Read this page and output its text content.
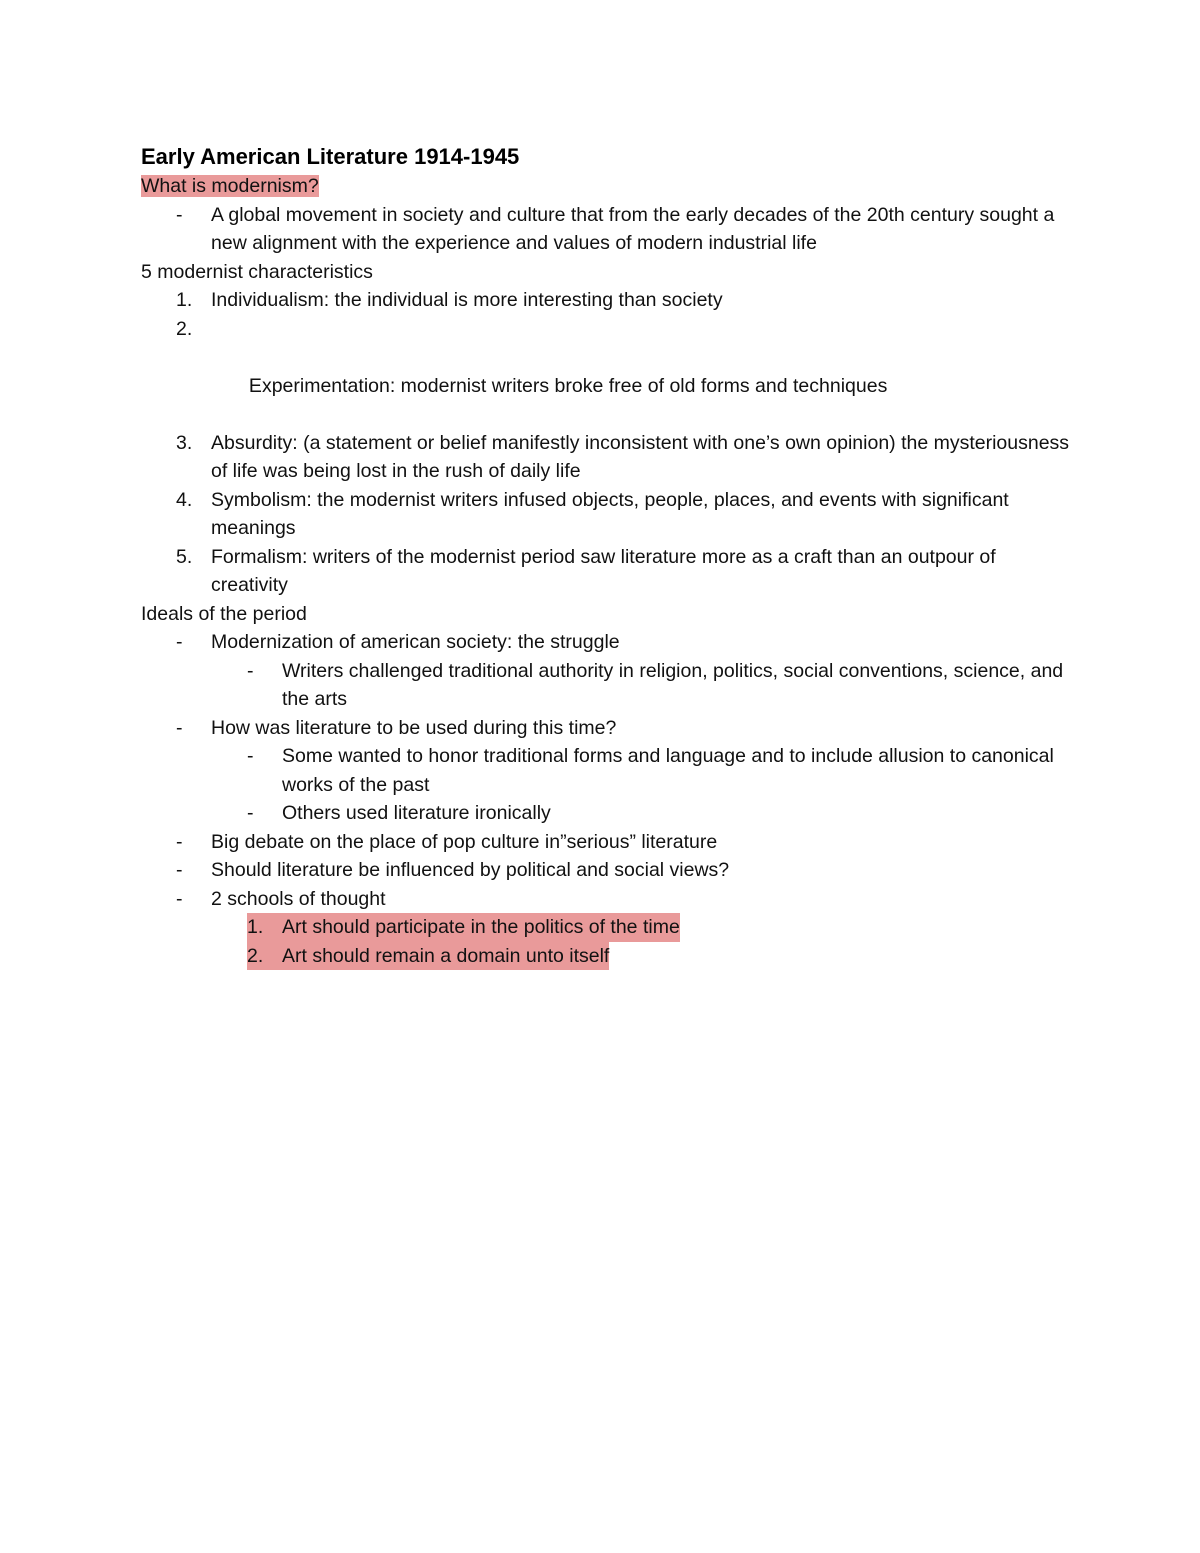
Early American Literature 1914-1945

What is modernism?

- A global movement in society and culture that from the early decades of the 20th century sought a new alignment with the experience and values of modern industrial life

5 modernist characteristics

1. Individualism: the individual is more interesting than society

2.

Experimentation: modernist writers broke free of old forms and techniques

3. Absurdity: (a statement or belief manifestly inconsistent with one’s own opinion) the mysteriousness of life was being lost in the rush of daily life
4. Symbolism: the modernist writers infused objects, people, places, and events with significant meanings
5. Formalism: writers of the modernist period saw literature more as a craft than an outpour of creativity

Ideals of the period

- Modernization of american society: the struggle
- Writers challenged traditional authority in religion, politics, social conventions, science, and the arts
- How was literature to be used during this time?
- Some wanted to honor traditional forms and language and to include allusion to canonical works of the past
- Others used literature ironically
- Big debate on the place of pop culture in”serious” literature
- Should literature be influenced by political and social views?
- 2 schools of thought
1. Art should participate in the politics of the time
2. Art should remain a domain unto itself
